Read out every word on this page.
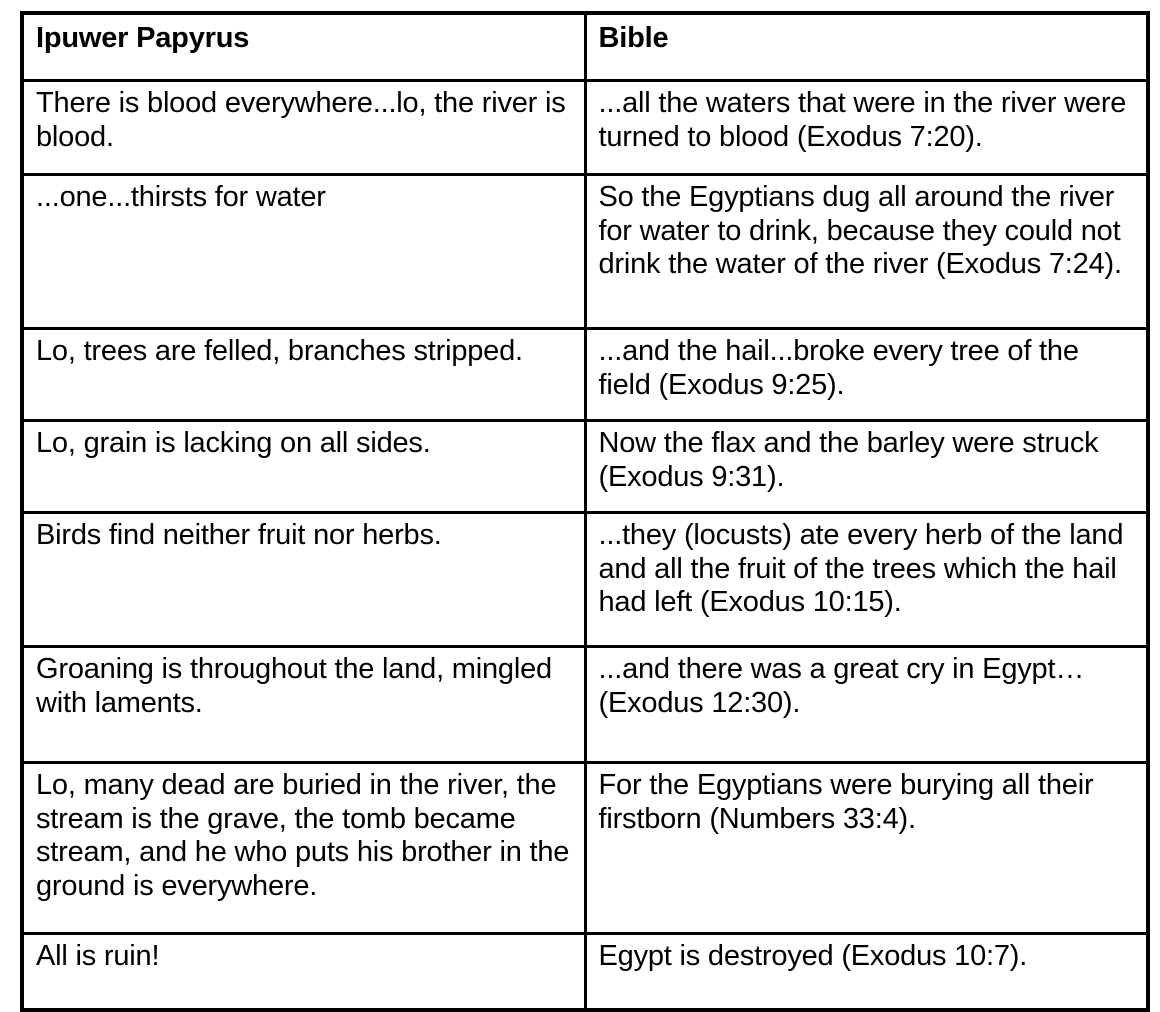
Ipuwer Papyrus	Bible

There is blood everywhere...lo, the river is blood.	...all the waters that were in the river were turned to blood (Exodus 7:20).

...one...thirsts for water	So the Egyptians dug all around the river for water to drink, because they could not drink the water of the river (Exodus 7:24).

Lo, trees are felled, branches stripped.	...and the hail...broke every tree of the field (Exodus 9:25).

Lo, grain is lacking on all sides.	Now the flax and the barley were struck (Exodus 9:31).

Birds find neither fruit nor herbs.	...they (locusts) ate every herb of the land and all the fruit of the trees which the hail had left (Exodus 10:15).

Groaning is throughout the land, mingled with laments.	...and there was a great cry in Egypt… (Exodus 12:30).

Lo, many dead are buried in the river, the stream is the grave, the tomb became stream, and he who puts his brother in the ground is everywhere.	For the Egyptians were burying all their firstborn (Numbers 33:4).

All is ruin!	Egypt is destroyed (Exodus 10:7).
